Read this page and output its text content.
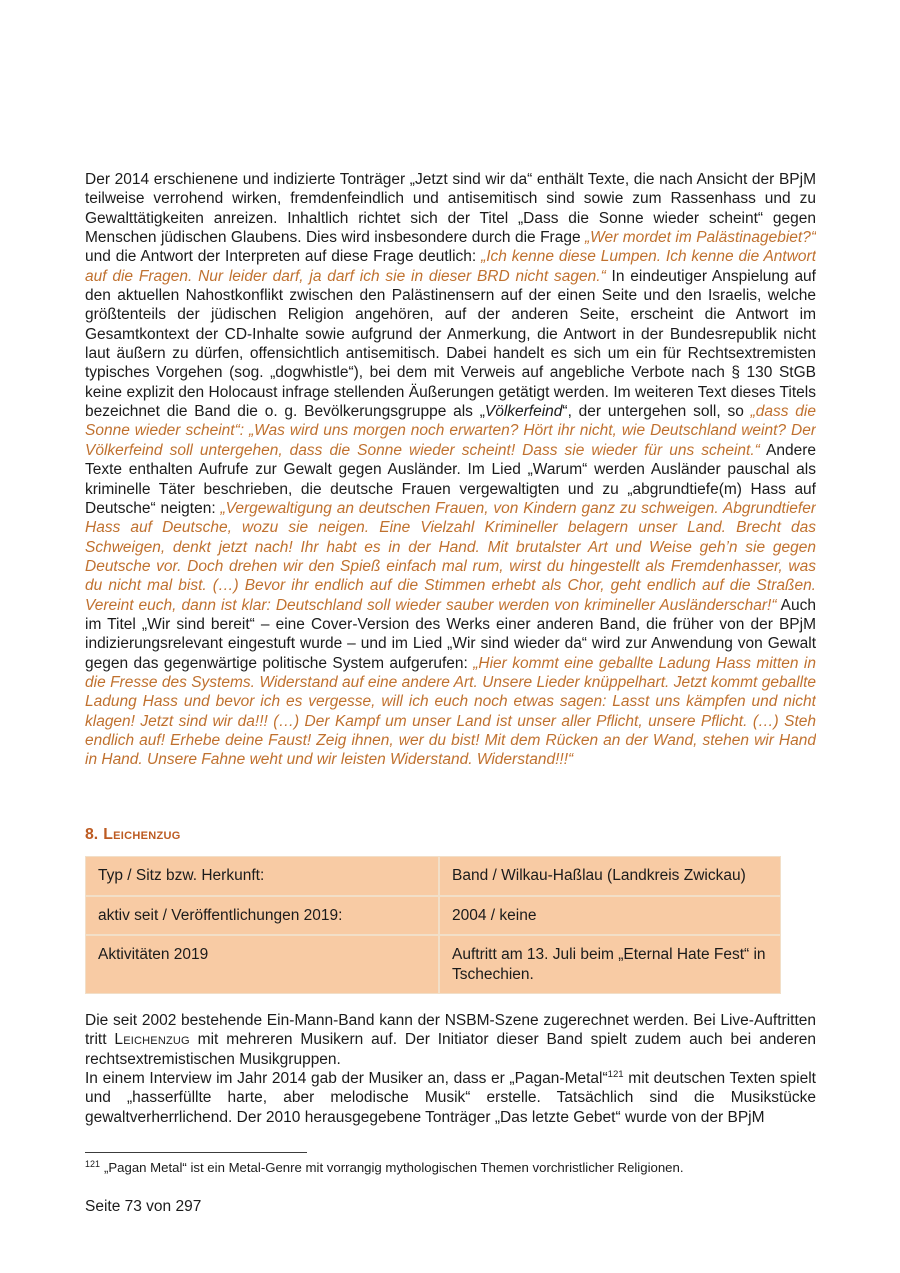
Der 2014 erschienene und indizierte Tonträger „Jetzt sind wir da“ enthält Texte, die nach Ansicht der BPjM teilweise verrohend wirken, fremdenfeindlich und antisemitisch sind sowie zum Rassenhass und zu Gewalttätigkeiten anreizen. Inhaltlich richtet sich der Titel „Dass die Sonne wieder scheint“ gegen Menschen jüdischen Glaubens. Dies wird insbesondere durch die Frage „Wer mordet im Palästinagebiet?“ und die Antwort der Interpreten auf diese Frage deutlich: „Ich kenne diese Lumpen. Ich kenne die Antwort auf die Fragen. Nur leider darf, ja darf ich sie in dieser BRD nicht sagen.“ In eindeutiger Anspielung auf den aktuellen Nahostkonflikt zwischen den Palästinensern auf der einen Seite und den Israelis, welche größtenteils der jüdischen Religion angehören, auf der anderen Seite, erscheint die Antwort im Gesamtkontext der CD-Inhalte sowie aufgrund der Anmerkung, die Antwort in der Bundesrepublik nicht laut äußern zu dürfen, offensichtlich antisemitisch. Dabei handelt es sich um ein für Rechtsextremisten typisches Vorgehen (sog. „dogwhistle“), bei dem mit Verweis auf angebliche Verbote nach § 130 StGB keine explizit den Holocaust infrage stellenden Äußerungen getätigt werden. Im weiteren Text dieses Titels bezeichnet die Band die o. g. Bevölkerungsgruppe als „Völkerfeind“, der untergehen soll, so „dass die Sonne wieder scheint“: „Was wird uns morgen noch erwarten? Hört ihr nicht, wie Deutschland weint? Der Völkerfeind soll untergehen, dass die Sonne wieder scheint! Dass sie wieder für uns scheint.“ Andere Texte enthalten Aufrufe zur Gewalt gegen Ausländer. Im Lied „Warum“ werden Ausländer pauschal als kriminelle Täter beschrieben, die deutsche Frauen vergewaltigten und zu „abgrundtiefe(m) Hass auf Deutsche“ neigten: „Vergewaltigung an deutschen Frauen, von Kindern ganz zu schweigen. Abgrundtiefer Hass auf Deutsche, wozu sie neigen. Eine Vielzahl Krimineller belagern unser Land. Brecht das Schweigen, denkt jetzt nach! Ihr habt es in der Hand. Mit brutalster Art und Weise geh’n sie gegen Deutsche vor. Doch drehen wir den Spieß einfach mal rum, wirst du hingestellt als Fremdenhasser, was du nicht mal bist. (…) Bevor ihr endlich auf die Stimmen erhebt als Chor, geht endlich auf die Straßen. Vereint euch, dann ist klar: Deutschland soll wieder sauber werden von krimineller Ausländerschar!“ Auch im Titel „Wir sind bereit“ – eine Cover-Version des Werks einer anderen Band, die früher von der BPjM indizierungsrelevant eingestuft wurde – und im Lied „Wir sind wieder da“ wird zur Anwendung von Gewalt gegen das gegenwärtige politische System aufgerufen: „Hier kommt eine geballte Ladung Hass mitten in die Fresse des Systems. Widerstand auf eine andere Art. Unsere Lieder knüppelhart. Jetzt kommt geballte Ladung Hass und bevor ich es vergesse, will ich euch noch etwas sagen: Lasst uns kämpfen und nicht klagen! Jetzt sind wir da!!! (…) Der Kampf um unser Land ist unser aller Pflicht, unsere Pflicht. (…) Steh endlich auf! Erhebe deine Faust! Zeig ihnen, wer du bist! Mit dem Rücken an der Wand, stehen wir Hand in Hand. Unsere Fahne weht und wir leisten Widerstand. Widerstand!!!“
8. Leichenzug
Typ / Sitz bzw. Herkunft:	Band / Wilkau-Haßlau (Landkreis Zwickau)
aktiv seit / Veröffentlichungen 2019:	2004 / keine
Aktivitäten 2019	Auftritt am 13. Juli beim „Eternal Hate Fest“ in Tschechien.
Die seit 2002 bestehende Ein-Mann-Band kann der NSBM-Szene zugerechnet werden. Bei Live-Auftritten tritt Leichenzug mit mehreren Musikern auf. Der Initiator dieser Band spielt zudem auch bei anderen rechtsextremistischen Musikgruppen.
In einem Interview im Jahr 2014 gab der Musiker an, dass er „Pagan-Metal“$^{121}$ mit deutschen Texten spielt und „hasserfüllte harte, aber melodische Musik“ erstelle. Tatsächlich sind die Musikstücke gewaltverherrlichend. Der 2010 herausgegebene Tonträger „Das letzte Gebet“ wurde von der BPjM
$^{121}$ „Pagan Metal“ ist ein Metal-Genre mit vorrangig mythologischen Themen vorchristlicher Religionen.
Seite 73 von 297
